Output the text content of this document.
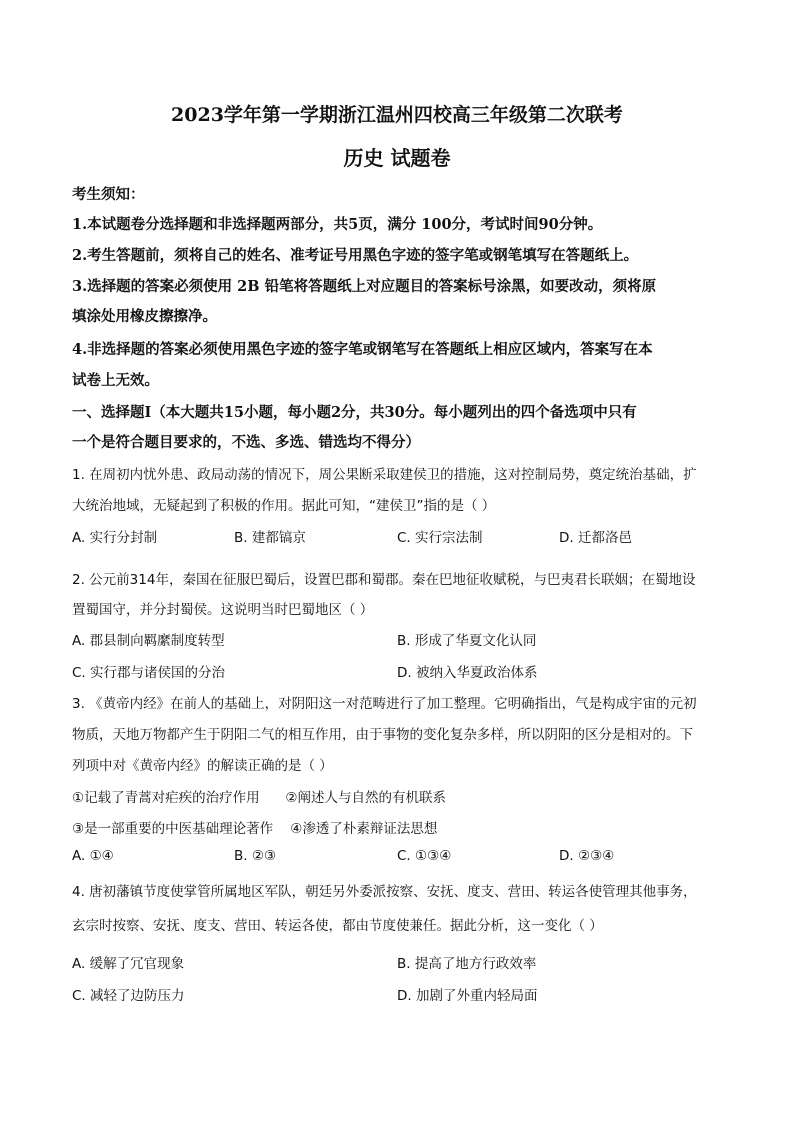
2023学年第一学期浙江温州四校高三年级第二次联考
历史 试题卷
考生须知：
1.本试题卷分选择题和非选择题两部分，共5页，满分 100分，考试时间90分钟。
2.考生答题前，须将自己的姓名、准考证号用黑色字迹的签字笔或钢笔填写在答题纸上。
3.选择题的答案必须使用 2B 铅笔将答题纸上对应题目的答案标号涂黑，如要改动，须将原
填涂处用橡皮擦擦净。
4.非选择题的答案必须使用黑色字迹的签字笔或钢笔写在答题纸上相应区域内，答案写在本
试卷上无效。
一、选择题Ⅰ（本大题共15小题，每小题2分，共30分。每小题列出的四个备选项中只有
一个是符合题目要求的，不选、多选、错选均不得分）
1. 在周初内忧外患、政局动荡的情况下，周公果断采取建侯卫的措施，这对控制局势，奠定统治基础，扩
大统治地域，无疑起到了积极的作用。据此可知，“建侯卫”指的是（ ）
A. 实行分封制	B. 建都镐京	C. 实行宗法制	D. 迁都洛邑
2. 公元前314年，秦国在征服巴蜀后，设置巴郡和蜀郡。秦在巴地征收赋税，与巴夷君长联姻；在蜀地设
置蜀国守，并分封蜀侯。这说明当时巴蜀地区（ ）
A. 郡县制向羁縻制度转型	B. 形成了华夏文化认同
C. 实行郡与诸侯国的分治	D. 被纳入华夏政治体系
3. 《黄帝内经》在前人的基础上，对阴阳这一对范畴进行了加工整理。它明确指出，气是构成宇宙的元初
物质，天地万物都产生于阴阳二气的相互作用，由于事物的变化复杂多样，所以阴阳的区分是相对的。下
列项中对《黄帝内经》的解读正确的是（ ）
①记载了青蒿对疟疾的治疗作用      ②阐述人与自然的有机联系
③是一部重要的中医基础理论著作    ④渗透了朴素辩证法思想
A. ①④	B. ②③	C. ①③④	D. ②③④
4. 唐初藩镇节度使掌管所属地区军队，朝廷另外委派按察、安抚、度支、营田、转运各使管理其他事务，
玄宗时按察、安抚、度支、营田、转运各使，都由节度使兼任。据此分析，这一变化（ ）
A. 缓解了冗官现象	B. 提高了地方行政效率
C. 减轻了边防压力	D. 加剧了外重内轻局面
